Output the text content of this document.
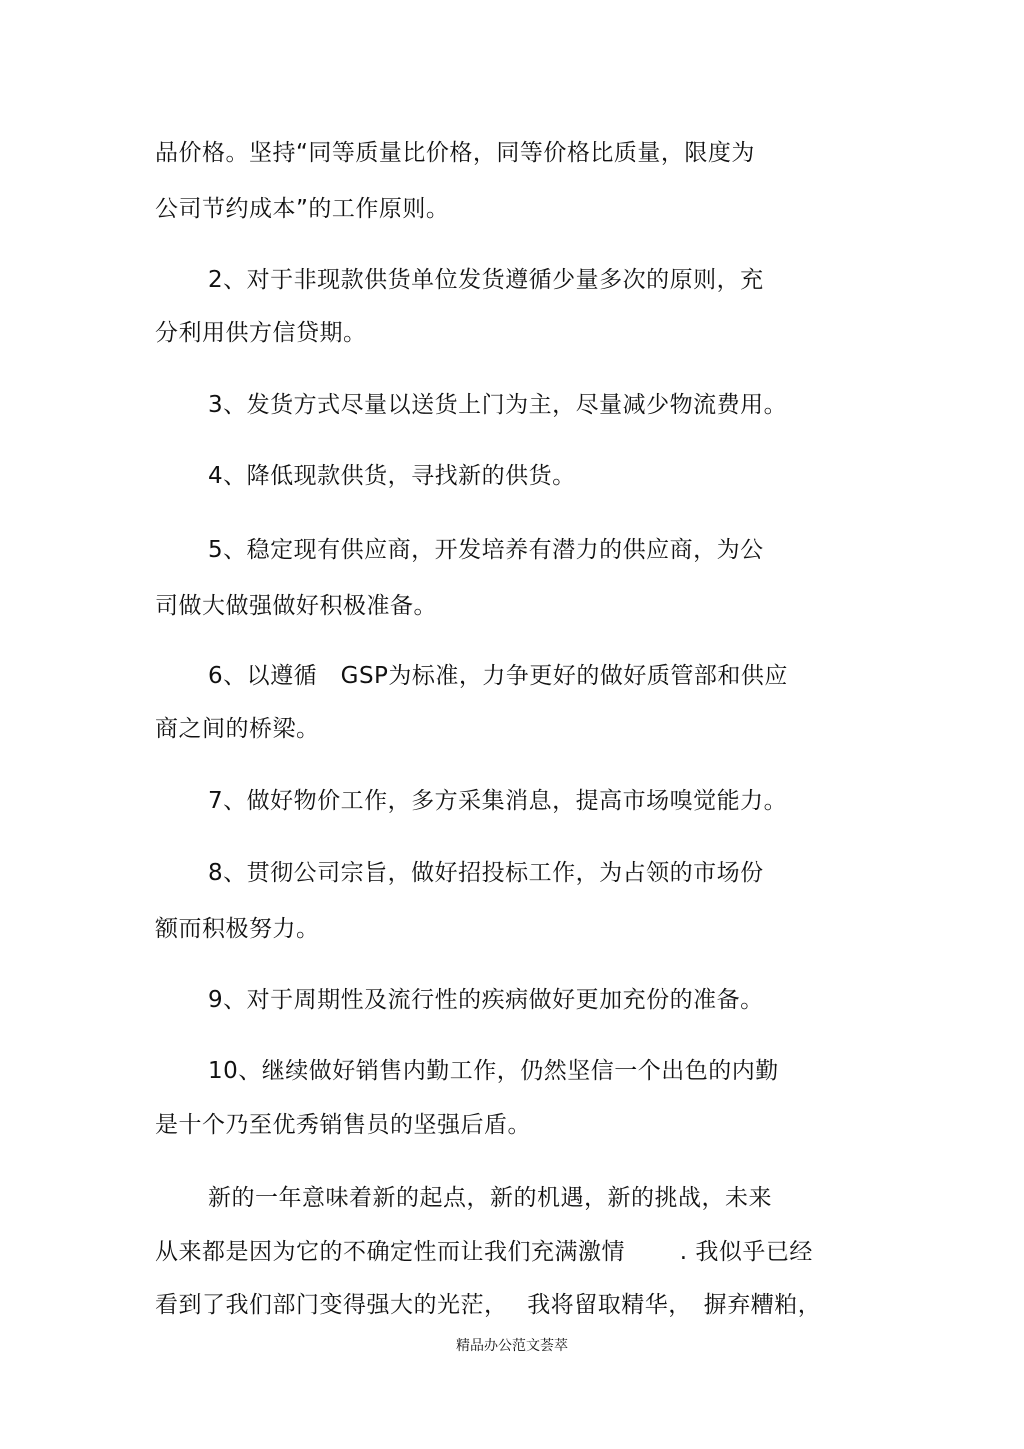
品价格。坚持“同等质量比价格，同等价格比质量，限度为
公司节约成本”的工作原则。
2、对于非现款供货单位发货遵循少量多次的原则，充
分利用供方信贷期。
3、发货方式尽量以送货上门为主，尽量减少物流费用。
4、降低现款供货，寻找新的供货。
5、稳定现有供应商，开发培养有潜力的供应商，为公
司做大做强做好积极准备。
6、以遵循　GSP为标准，力争更好的做好质管部和供应
商之间的桥梁。
7、做好物价工作，多方采集消息，提高市场嗅觉能力。
8、贯彻公司宗旨，做好招投标工作，为占领的市场份
额而积极努力。
9、对于周期性及流行性的疾病做好更加充份的准备。
10、继续做好销售内勤工作，仍然坚信一个出色的内勤
是十个乃至优秀销售员的坚强后盾。
新的一年意味着新的起点，新的机遇，新的挑战，未来
从来都是因为它的不确定性而让我们充满激情　　 . 我似乎已经
看到了我们部门变得强大的光茫，　 我将留取精华，　摒弃糟粕，
精品办公范文荟萃
